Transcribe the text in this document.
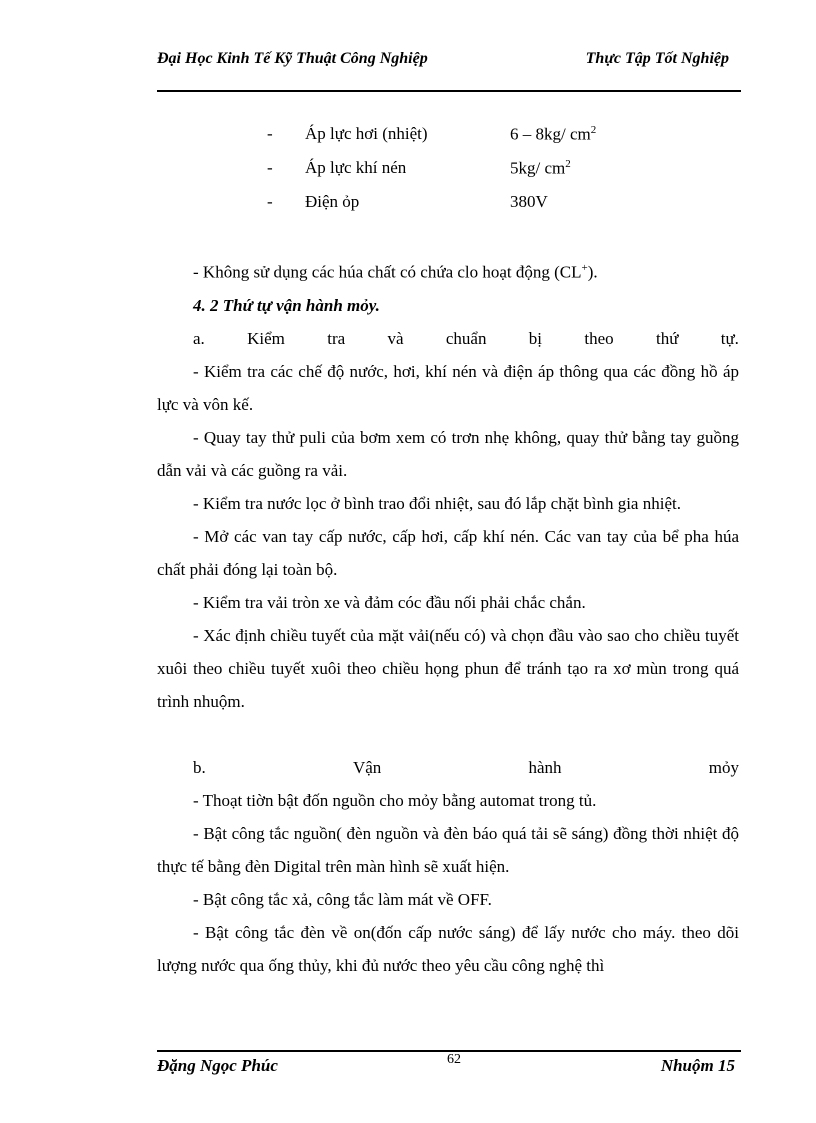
Đại Học Kinh Tế Kỹ Thuật Công Nghiệp	Thực Tập Tốt Nghiệp
- Áp lực hơi (nhiệt)	6 – 8kg/ $cm^2$
- Áp lực khí nén	5kg/ $cm^2$
- Điện ỏp	380V

- Không sử dụng các húa chất có chứa clo hoạt động (CL+).

4. 2 Thứ tự vận hành mỏy.

a. Kiểm tra và chuẩn bị theo thứ tự.

- Kiểm tra các chế độ nước, hơi, khí nén và điện áp thông qua các đồng hồ áp lực và vôn kế.

- Quay tay thử puli của bơm xem có trơn nhẹ không, quay thử bằng tay guồng dẫn vải và các guồng ra vải.

- Kiểm tra nước lọc ở bình trao đổi nhiệt, sau đó lắp chặt bình gia nhiệt.

- Mở các van tay cấp nước, cấp hơi, cấp khí nén. Các van tay của bể pha húa chất phải đóng lại toàn bộ.

- Kiểm tra vải tròn xe và đảm cóc đầu nối phải chắc chắn.

- Xác định chiều tuyết của mặt vải(nếu có) và chọn đầu vào sao cho chiều tuyết xuôi theo chiều tuyết xuôi theo chiều họng phun để tránh tạo ra xơ mùn trong quá trình nhuộm.

b.	Vận	hành	mỏy

- Thoạt tiờn bật đốn nguồn cho mỏy bằng automat trong tủ.

- Bật công tắc nguồn( đèn nguồn và đèn báo quá tải sẽ sáng) đồng thời nhiệt độ thực tế bằng đèn Digital trên màn hình sẽ xuất hiện.

- Bật công tắc xả, công tắc làm mát về OFF.

- Bật công tắc đèn về on(đốn cấp nước sáng) để lấy nước cho máy. theo dõi lượng nước qua ống thủy, khi đủ nước theo yêu cầu công nghệ thì

Đặng Ngọc Phúc	62	Nhuộm 15
